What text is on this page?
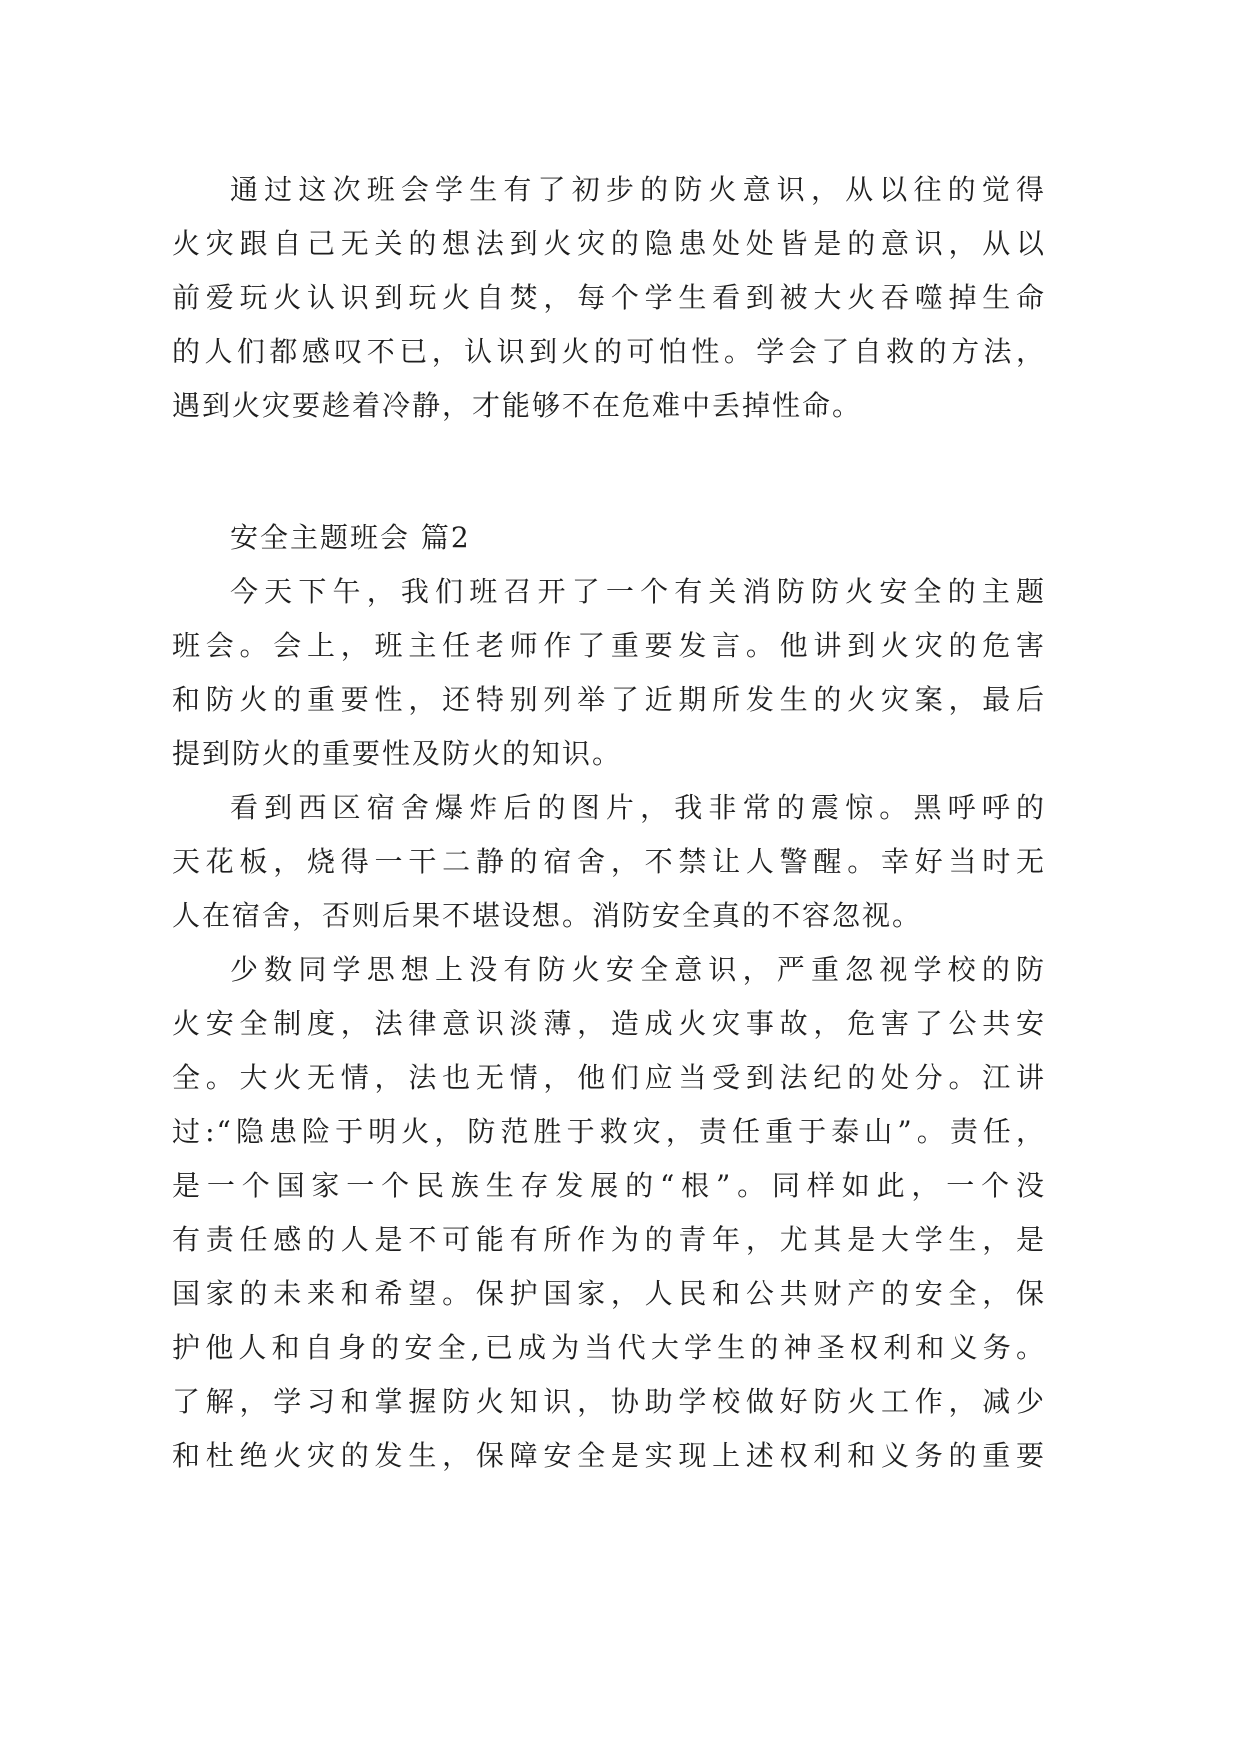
通过这次班会学生有了初步的防火意识，从以往的觉得
火灾跟自己无关的想法到火灾的隐患处处皆是的意识，从以
前爱玩火认识到玩火自焚，每个学生看到被大火吞噬掉生命
的人们都感叹不已，认识到火的可怕性。学会了自救的方法，
遇到火灾要趁着冷静，才能够不在危难中丢掉性命。
安全主题班会 篇2
今天下午，我们班召开了一个有关消防防火安全的主题
班会。会上，班主任老师作了重要发言。他讲到火灾的危害
和防火的重要性，还特别列举了近期所发生的火灾案，最后
提到防火的重要性及防火的知识。
看到西区宿舍爆炸后的图片，我非常的震惊。黑呼呼的
天花板，烧得一干二静的宿舍，不禁让人警醒。幸好当时无
人在宿舍，否则后果不堪设想。消防安全真的不容忽视。
少数同学思想上没有防火安全意识，严重忽视学校的防
火安全制度，法律意识淡薄，造成火灾事故，危害了公共安
全。大火无情，法也无情，他们应当受到法纪的处分。江讲
过:“隐患险于明火，防范胜于救灾，责任重于泰山”。责任，
是一个国家一个民族生存发展的“根”。同样如此，一个没
有责任感的人是不可能有所作为的青年，尤其是大学生，是
国家的未来和希望。保护国家，人民和公共财产的安全，保
护他人和自身的安全,已成为当代大学生的神圣权利和义务。
了解，学习和掌握防火知识，协助学校做好防火工作，减少
和杜绝火灾的发生，保障安全是实现上述权利和义务的重要
